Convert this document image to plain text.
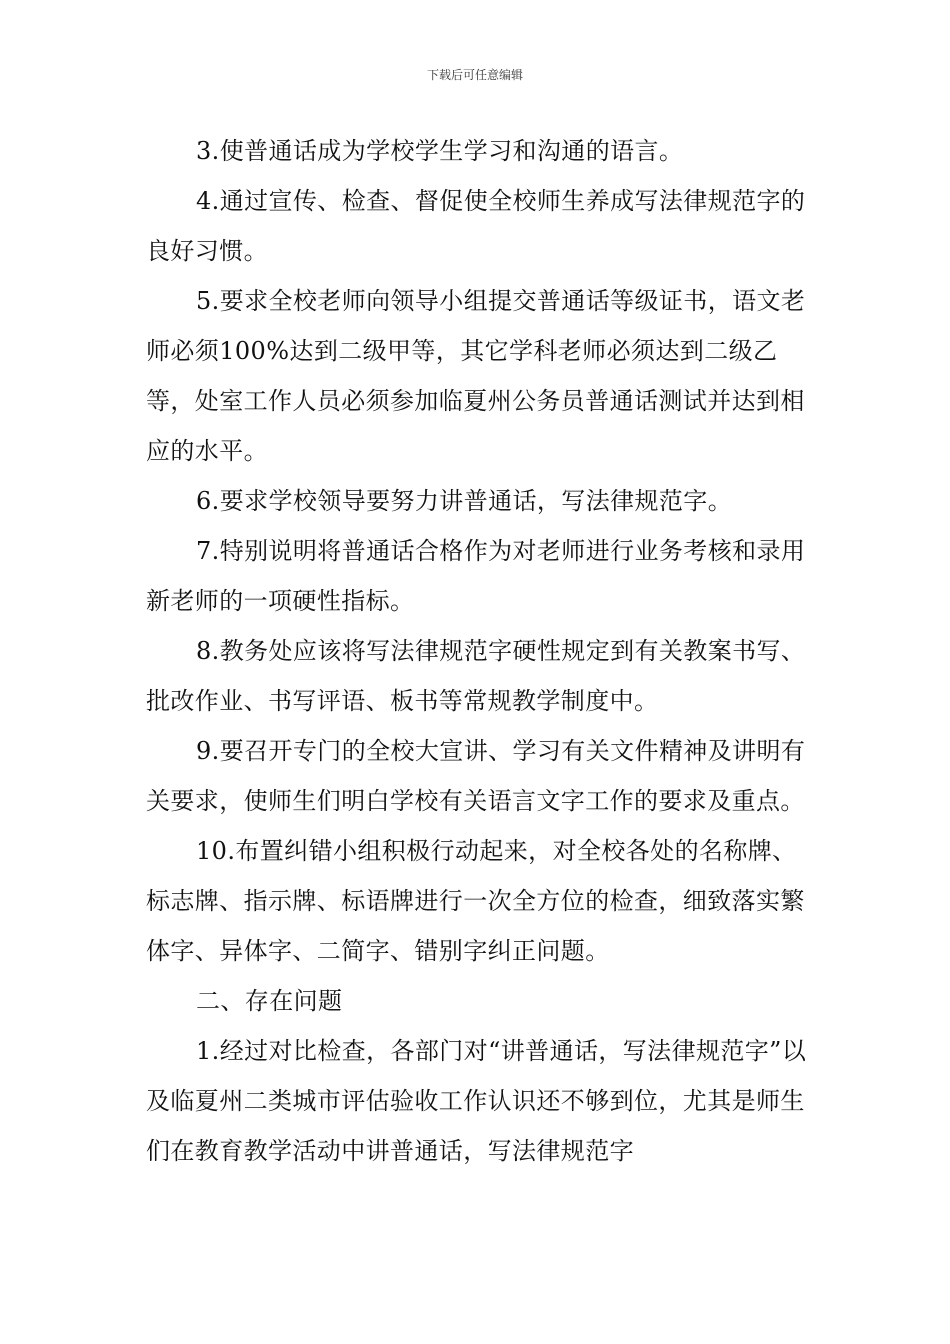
下载后可任意编辑

3.使普通话成为学校学生学习和沟通的语言。

4.通过宣传、检查、督促使全校师生养成写法律规范字的良好习惯。

5.要求全校老师向领导小组提交普通话等级证书，语文老师必须100%达到二级甲等，其它学科老师必须达到二级乙等，处室工作人员必须参加临夏州公务员普通话测试并达到相应的水平。

6.要求学校领导要努力讲普通话，写法律规范字。

7.特别说明将普通话合格作为对老师进行业务考核和录用新老师的一项硬性指标。

8.教务处应该将写法律规范字硬性规定到有关教案书写、批改作业、书写评语、板书等常规教学制度中。

9.要召开专门的全校大宣讲、学习有关文件精神及讲明有关要求，使师生们明白学校有关语言文字工作的要求及重点。

10.布置纠错小组积极行动起来，对全校各处的名称牌、标志牌、指示牌、标语牌进行一次全方位的检查，细致落实繁体字、异体字、二简字、错别字纠正问题。

二、存在问题

1.经过对比检查，各部门对“讲普通话，写法律规范字”以及临夏州二类城市评估验收工作认识还不够到位，尤其是师生们在教育教学活动中讲普通话，写法律规范字
